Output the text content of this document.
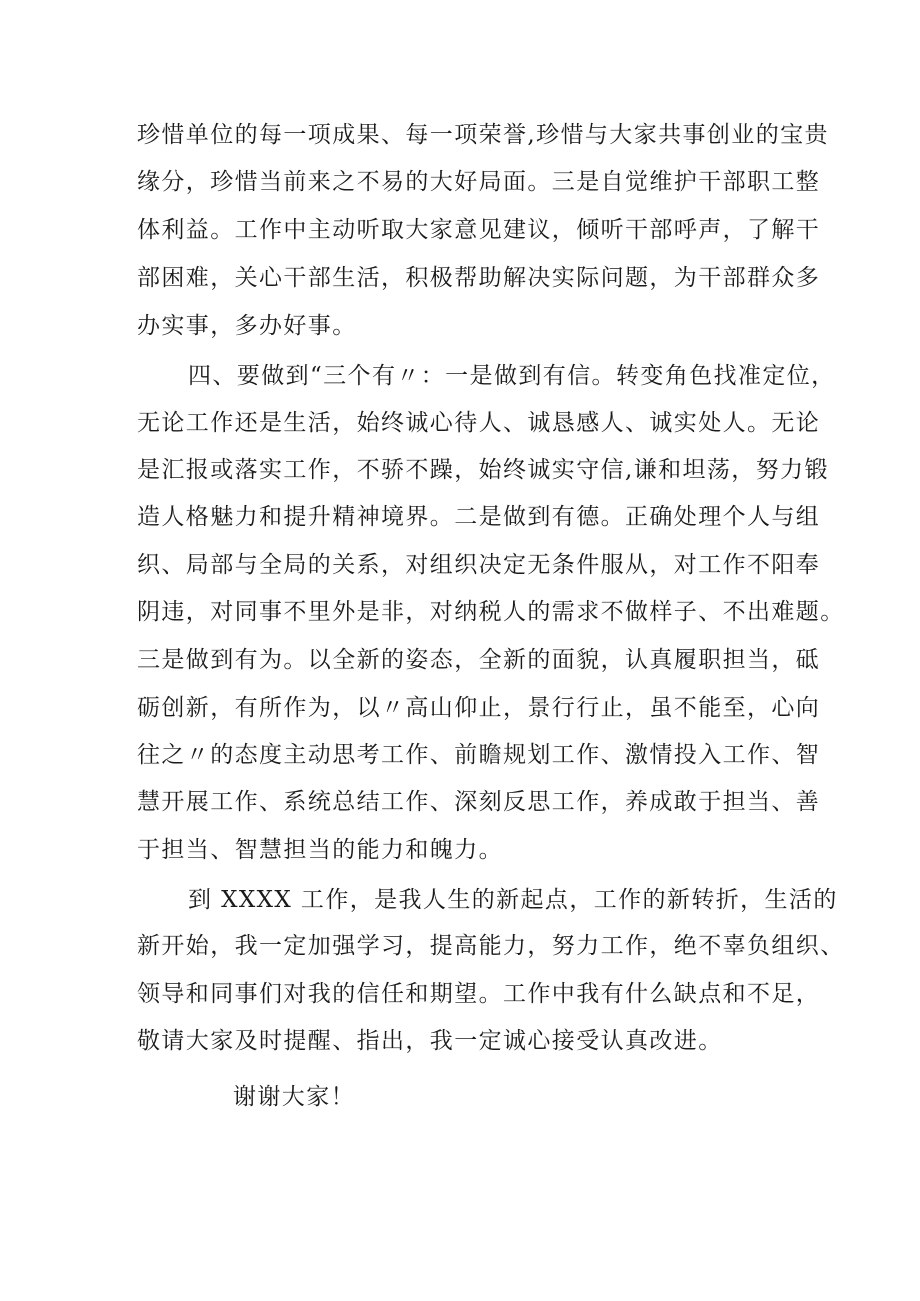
珍惜单位的每一项成果、每一项荣誉,珍惜与大家共事创业的宝贵
缘分，珍惜当前来之不易的大好局面。三是自觉维护干部职工整
体利益。工作中主动听取大家意见建议，倾听干部呼声，了解干
部困难，关心干部生活，积极帮助解决实际问题，为干部群众多
办实事，多办好事。
四、要做到“三个有〃：一是做到有信。转变角色找准定位，
无论工作还是生活，始终诚心待人、诚恳感人、诚实处人。无论
是汇报或落实工作，不骄不躁，始终诚实守信,谦和坦荡，努力锻
造人格魅力和提升精神境界。二是做到有德。正确处理个人与组
织、局部与全局的关系，对组织决定无条件服从，对工作不阳奉
阴违，对同事不里外是非，对纳税人的需求不做样子、不出难题。
三是做到有为。以全新的姿态，全新的面貌，认真履职担当，砥
砺创新，有所作为，以〃高山仰止，景行行止，虽不能至，心向
往之〃的态度主动思考工作、前瞻规划工作、激情投入工作、智
慧开展工作、系统总结工作、深刻反思工作，养成敢于担当、善
于担当、智慧担当的能力和魄力。
到 XXXX 工作，是我人生的新起点，工作的新转折，生活的
新开始，我一定加强学习，提高能力，努力工作，绝不辜负组织、
领导和同事们对我的信任和期望。工作中我有什么缺点和不足，
敬请大家及时提醒、指出，我一定诚心接受认真改进。
谢谢大家！
